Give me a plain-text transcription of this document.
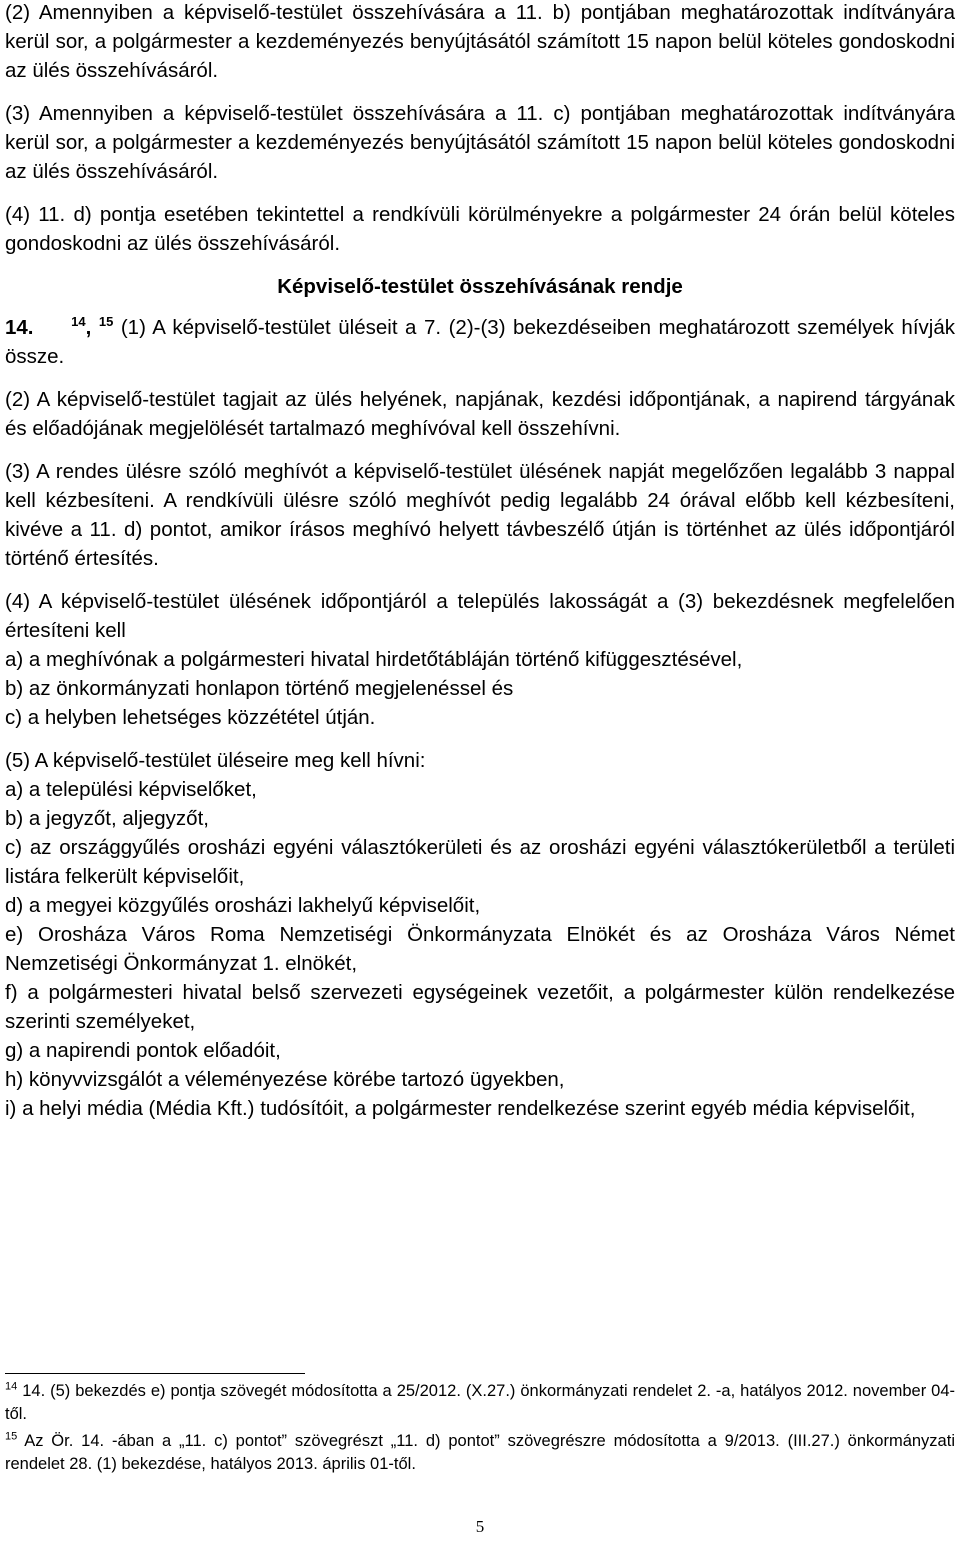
(2) Amennyiben a képviselő-testület összehívására a 11. b) pontjában meghatározottak indítványára kerül sor, a polgármester a kezdeményezés benyújtásától számított 15 napon belül köteles gondoskodni az ülés összehívásáról.

(3) Amennyiben a képviselő-testület összehívására a 11. c) pontjában meghatározottak indítványára kerül sor, a polgármester a kezdeményezés benyújtásától számított 15 napon belül köteles gondoskodni az ülés összehívásáról.

(4) 11. d) pontja esetében tekintettel a rendkívüli körülményekre a polgármester 24 órán belül köteles gondoskodni az ülés összehívásáról.

Képviselő-testület összehívásának rendje

14.	$^{14}$, $^{15}$ (1) A képviselő-testület üléseit a 7. (2)-(3) bekezdéseiben meghatározott személyek hívják össze.

(2) A képviselő-testület tagjait az ülés helyének, napjának, kezdési időpontjának, a napirend tárgyának és előadójának megjelölését tartalmazó meghívóval kell összehívni.

(3) A rendes ülésre szóló meghívót a képviselő-testület ülésének napját megelőzően legalább 3 nappal kell kézbesíteni. A rendkívüli ülésre szóló meghívót pedig legalább 24 órával előbb kell kézbesíteni, kivéve a 11. d) pontot, amikor írásos meghívó helyett távbeszélő útján is történhet az ülés időpontjáról történő értesítés.

(4) A képviselő-testület ülésének időpontjáról a település lakosságát a (3) bekezdésnek megfelelően értesíteni kell
a) a meghívónak a polgármesteri hivatal hirdetőtábláján történő kifüggesztésével,
b) az önkormányzati honlapon történő megjelenéssel és
c) a helyben lehetséges közzététel útján.
(5) A képviselő-testület üléseire meg kell hívni:
a) a települési képviselőket,
b) a jegyzőt, aljegyzőt,
c) az országgyűlés orosházi egyéni választókerületi és az orosházi egyéni választókerületből a területi listára felkerült képviselőit,
d) a megyei közgyűlés orosházi lakhelyű képviselőit,
e) Orosháza Város Roma Nemzetiségi Önkormányzata Elnökét és az Orosháza Város Német Nemzetiségi Önkormányzat 1. elnökét,
f) a polgármesteri hivatal belső szervezeti egységeinek vezetőit, a polgármester külön rendelkezése szerinti személyeket,
g) a napirendi pontok előadóit,
h) könyvvizsgálót a véleményezése körébe tartozó ügyekben,
i) a helyi média (Média Kft.) tudósítóit, a polgármester rendelkezése szerint egyéb média képviselőit,
$^{14}$ 14. (5) bekezdés e) pontja szövegét módosította a 25/2012. (X.27.) önkormányzati rendelet 2. -a, hatályos 2012. november 04-től.
$^{15}$ Az Ör. 14. -ában a „11. c) pontot” szövegrészt „11. d) pontot” szövegrészre módosította a 9/2013. (III.27.) önkormányzati rendelet 28. (1) bekezdése, hatályos 2013. április 01-től.
5
